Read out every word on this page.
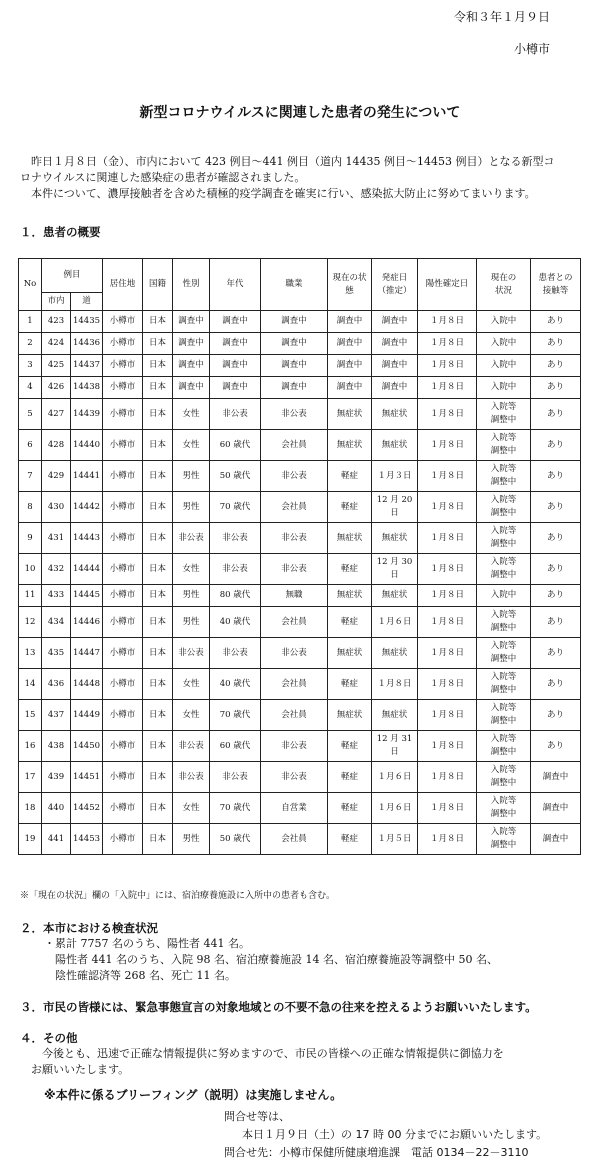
令和３年１月９日
小樽市
新型コロナウイルスに関連した患者の発生について
　昨日１月８日（金）、市内において 423 例目～441 例目（道内 14435 例目～14453 例目）となる新型コ
ロナウイルスに関連した感染症の患者が確認されました。
　本件について、濃厚接触者を含めた積極的疫学調査を確実に行い、感染拡大防止に努めてまいります。
１．患者の概要
No	例目		居住地	国籍	性別	年代	職業	現在の状
態	発症日
（推定）	陽性確定日	現在の
状況	患者との
接触等
	市内	道										
1	423	14435	小樽市	日本	調査中	調査中	調査中	調査中	調査中	１月８日	入院中	あり
2	424	14436	小樽市	日本	調査中	調査中	調査中	調査中	調査中	１月８日	入院中	あり
3	425	14437	小樽市	日本	調査中	調査中	調査中	調査中	調査中	１月８日	入院中	あり
4	426	14438	小樽市	日本	調査中	調査中	調査中	調査中	調査中	１月８日	入院中	あり
5	427	14439	小樽市	日本	女性	非公表	非公表	無症状	無症状	１月８日	入院等
調整中	あり
6	428	14440	小樽市	日本	女性	60 歳代	会社員	無症状	無症状	１月８日	入院等
調整中	あり
7	429	14441	小樽市	日本	男性	50 歳代	非公表	軽症	１月３日	１月８日	入院等
調整中	あり
8	430	14442	小樽市	日本	男性	70 歳代	会社員	軽症	12 月 20 日	１月８日	入院等
調整中	あり
9	431	14443	小樽市	日本	非公表	非公表	非公表	無症状	無症状	１月８日	入院等
調整中	あり
10	432	14444	小樽市	日本	女性	非公表	非公表	軽症	12 月 30 日	１月８日	入院等
調整中	あり
11	433	14445	小樽市	日本	男性	80 歳代	無職	無症状	無症状	１月８日	入院中	あり
12	434	14446	小樽市	日本	男性	40 歳代	会社員	軽症	１月６日	１月８日	入院等
調整中	あり
13	435	14447	小樽市	日本	非公表	非公表	非公表	無症状	無症状	１月８日	入院等
調整中	あり
14	436	14448	小樽市	日本	女性	40 歳代	会社員	軽症	１月８日	１月８日	入院等
調整中	あり
15	437	14449	小樽市	日本	女性	70 歳代	会社員	無症状	無症状	１月８日	入院等
調整中	あり
16	438	14450	小樽市	日本	非公表	60 歳代	非公表	軽症	12 月 31 日	１月８日	入院等
調整中	あり
17	439	14451	小樽市	日本	非公表	非公表	非公表	軽症	１月６日	１月８日	入院等
調整中	調査中
18	440	14452	小樽市	日本	女性	70 歳代	自営業	軽症	１月６日	１月８日	入院等
調整中	調査中
19	441	14453	小樽市	日本	男性	50 歳代	会社員	軽症	１月５日	１月８日	入院等
調整中	調査中
※「現在の状況」欄の「入院中」には、宿泊療養施設に入所中の患者も含む。
２．本市における検査状況
・累計 7757 名のうち、陽性者 441 名。
陽性者 441 名のうち、入院 98 名、宿泊療養施設 14 名、宿泊療養施設等調整中 50 名、
陰性確認済等 268 名、死亡 11 名。
３．市民の皆様には、緊急事態宣言の対象地域との不要不急の往来を控えるようお願いいたします。
４．その他
今後とも、迅速で正確な情報提供に努めますので、市民の皆様への正確な情報提供に御協力を
お願いいたします。
※本件に係るブリーフィング（説明）は実施しません。
問合せ等は、
本日１月９日（土）の 17 時 00 分までにお願いいたします。
問合せ先：小樽市保健所健康増進課　電話 0134－22－3110
